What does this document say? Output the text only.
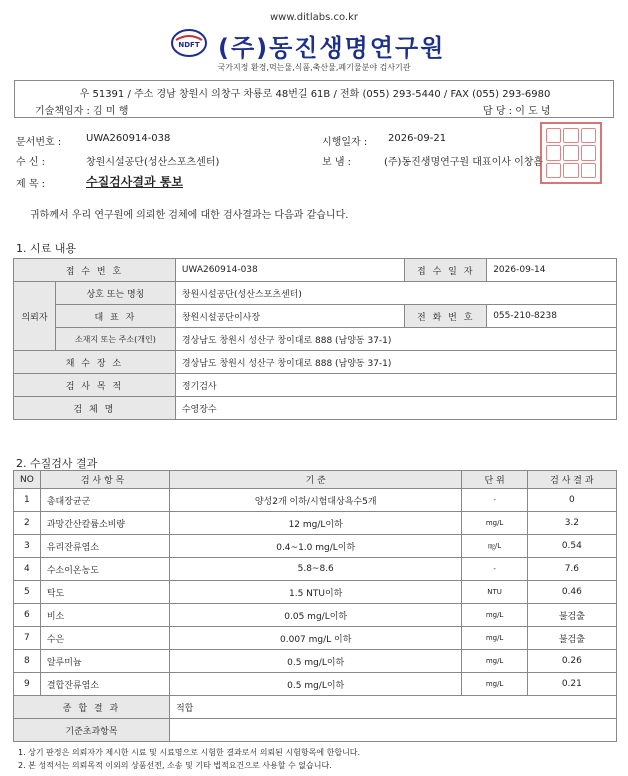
www.ditlabs.co.kr
NDFT (주)동진생명연구원
국가지정 환경,먹는물,식품,축산물,폐기물분야 검사기관
우 51391 / 주소 경남 창원시 의창구 차룡로 48번길 61B / 전화 (055) 293-5440 / FAX (055) 293-6980
기술책임자 : 김 미 행	담 당 : 이 도 녕
문서번호 : UWA260914-038	시행일자 : 2026-09-21
수 신 :	창원시설공단(성산스포츠센터)	보 냄 :	(주)동진생명연구원 대표이사 이창흠
제 목 :	수질검사결과 통보
귀하께서 우리 연구원에 의뢰한 검체에 대한 검사결과는 다음과 같습니다.
1. 시료 내용
접 수 번 호		UWA260914-038	접 수 일 자	2026-09-14
의뢰자	상호 또는 명칭	창원시설공단(성산스포츠센터)		
	대 표 자	창원시설공단이사장	전 화 번 호	055-210-8238
	소재지 또는 주소(개인)	경상남도 창원시 성산구 창이대로 888 (남양동 37-1)		
채 수 장 소		경상남도 창원시 성산구 창이대로 888 (남양동 37-1)		
검 사 목 적		정기검사		
검 체 명		수영장수		
2. 수질검사 결과
NO	검 사 항 목	기 준	단 위	검 사 결 과
1	총대장균군	양성2개 이하/시험대상욕수5개	-	0
2	과망간산칼륨소비량	12 mg/L이하	mg/L	3.2
3	유리잔류염소	0.4~1.0 mg/L이하	㎎/L	0.54
4	수소이온농도	5.8~8.6	-	7.6
5	탁도	1.5 NTU이하	NTU	0.46
6	비소	0.05 mg/L이하	mg/L	불검출
7	수은	0.007 mg/L 이하	mg/L	불검출
8	알루미늄	0.5 mg/L이하	mg/L	0.26
9	결합잔류염소	0.5 mg/L이하	mg/L	0.21
종 합 결 과		적합		
기준초과항목				
1. 상기 판정은 의뢰자가 제시한 시료 및 시료명으로 시험한 결과로서 의뢰된 시험항목에 한합니다.
2. 본 성적서는 의뢰목적 이외의 상품선전, 소송 및 기타 법적요건으로 사용할 수 없습니다.
